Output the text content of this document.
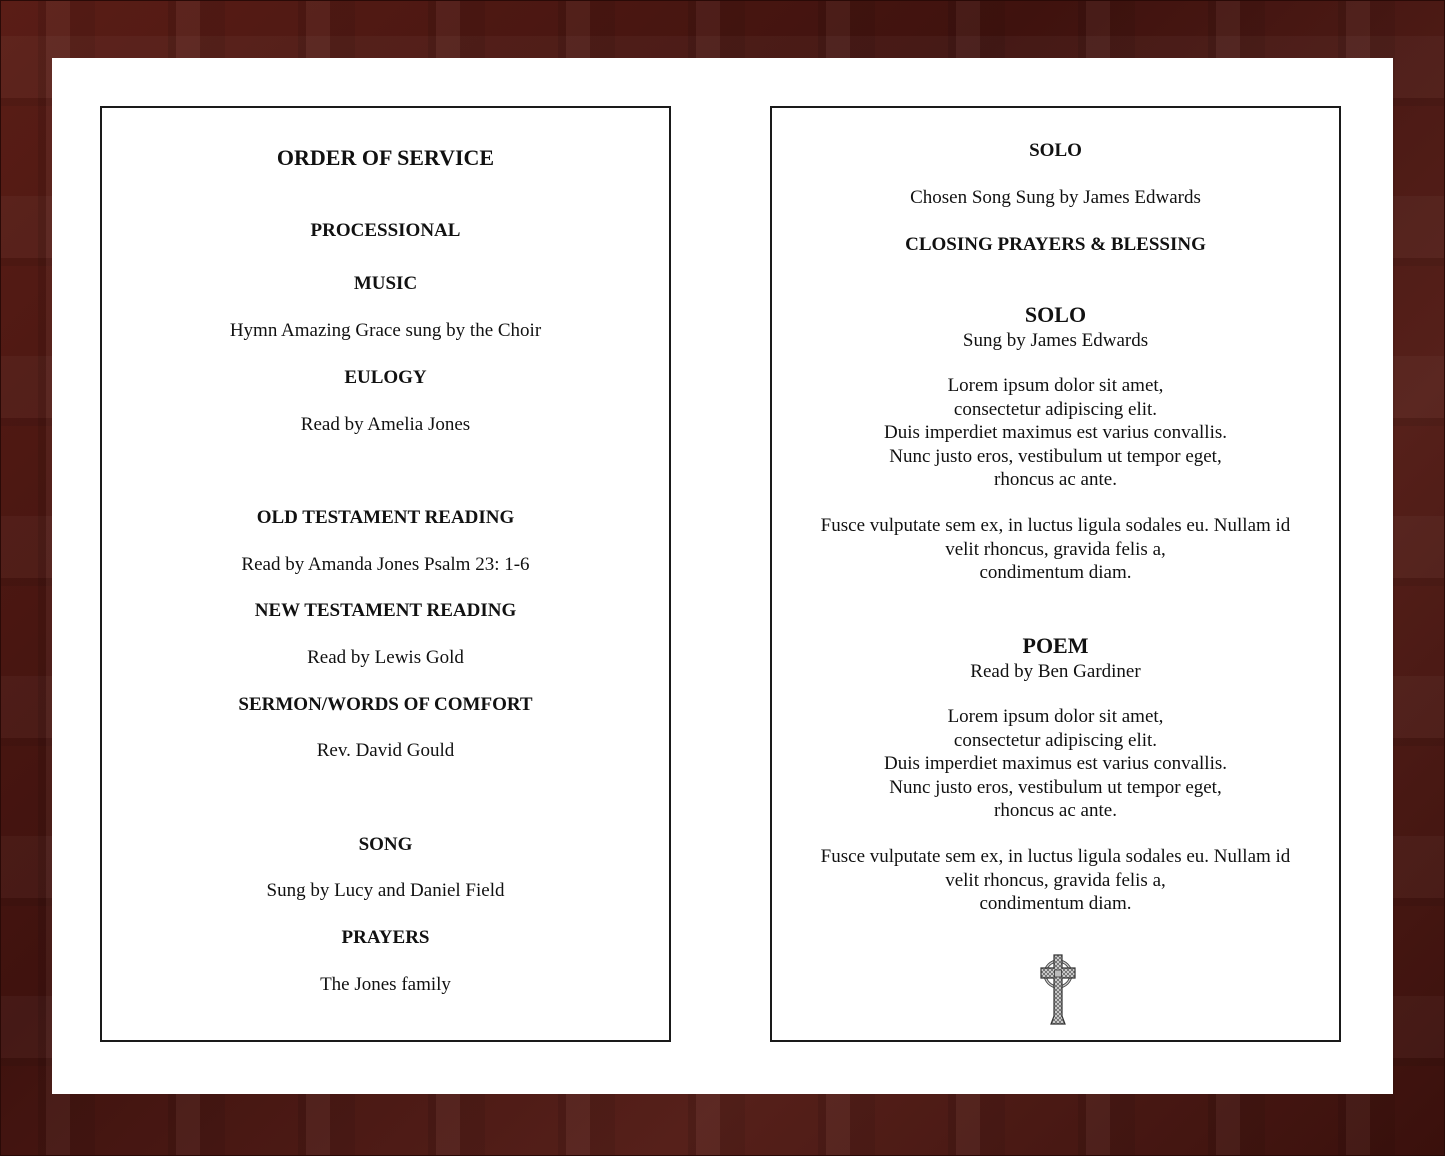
ORDER OF SERVICE
PROCESSIONAL
MUSIC
Hymn Amazing Grace sung by the Choir
EULOGY
Read by Amelia Jones
OLD TESTAMENT READING
Read by Amanda Jones Psalm 23: 1-6
NEW TESTAMENT READING
Read by Lewis Gold
SERMON/WORDS OF COMFORT
Rev. David Gould
SONG
Sung by Lucy and Daniel Field
PRAYERS
The Jones family
SOLO
Chosen Song Sung by James Edwards
CLOSING PRAYERS & BLESSING
SOLO
Sung by James Edwards
Lorem ipsum dolor sit amet,
consectetur adipiscing elit.
Duis imperdiet maximus est varius convallis.
Nunc justo eros, vestibulum ut tempor eget,
rhoncus ac ante.
Fusce vulputate sem ex, in luctus ligula sodales eu. Nullam id
velit rhoncus, gravida felis a,
condimentum diam.
POEM
Read by Ben Gardiner
Lorem ipsum dolor sit amet,
consectetur adipiscing elit.
Duis imperdiet maximus est varius convallis.
Nunc justo eros, vestibulum ut tempor eget,
rhoncus ac ante.
Fusce vulputate sem ex, in luctus ligula sodales eu. Nullam id
velit rhoncus, gravida felis a,
condimentum diam.
